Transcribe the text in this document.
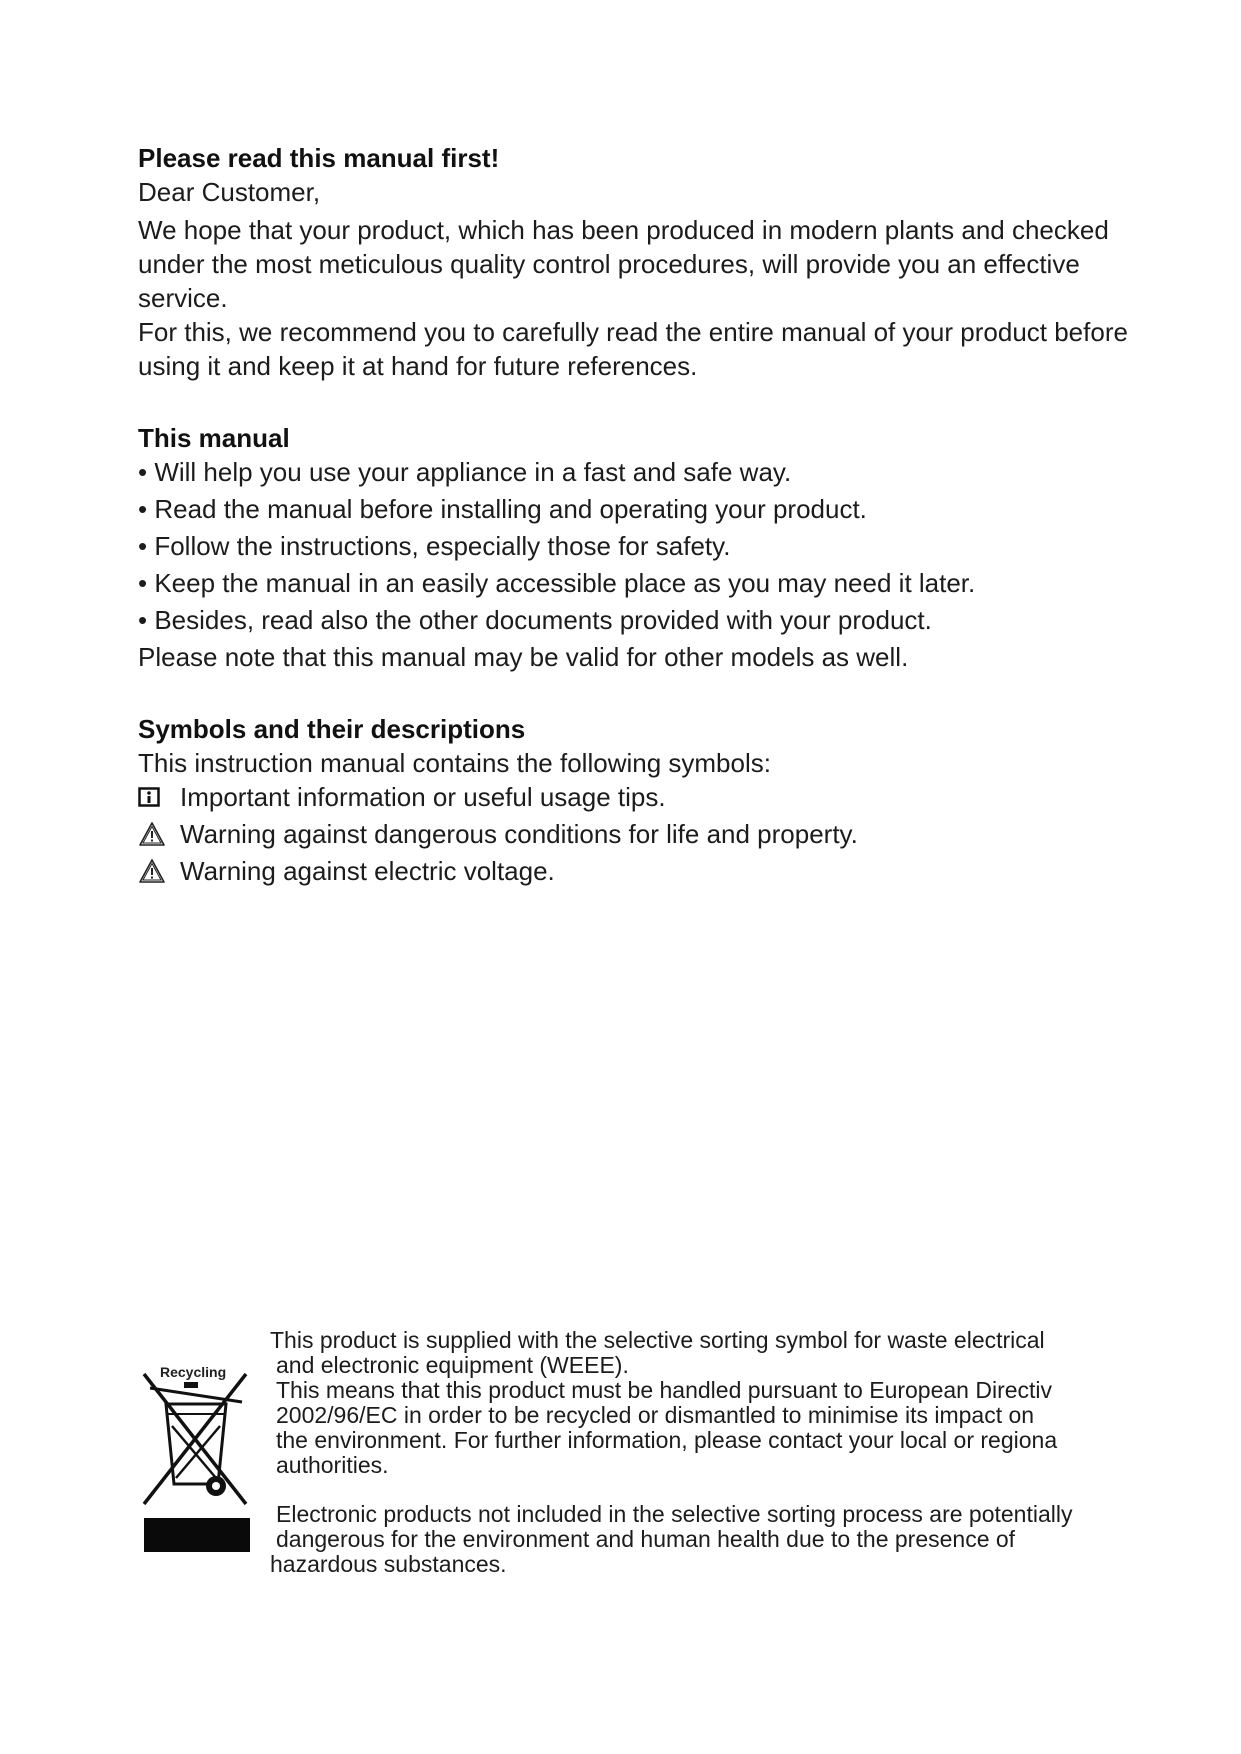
Please read this manual first!

Dear Customer,

We hope that your product, which has been produced in modern plants and checked under the most meticulous quality control procedures, will provide you an effective service.

For this, we recommend you to carefully read the entire manual of your product before using it and keep it at hand for future references.

This manual
• Will help you use your appliance in a fast and safe way.
• Read the manual before installing and operating your product.
• Follow the instructions, especially those for safety.
• Keep the manual in an easily accessible place as you may need it later.
• Besides, read also the other documents provided with your product.

Please note that this manual may be valid for other models as well.

Symbols and their descriptions

This instruction manual contains the following symbols:

Important information or useful usage tips.
Warning against dangerous conditions for life and property.
Warning against electric voltage.
Recycling

This product is supplied with the selective sorting symbol for waste electrical

and electronic equipment (WEEE).

This means that this product must be handled pursuant to European Directiv

2002/96/EC in order to be recycled or dismantled to minimise its impact on

the environment. For further information, please contact your local or regiona

authorities.

Electronic products not included in the selective sorting process are potentially

dangerous for the environment and human health due to the presence of

hazardous substances.
